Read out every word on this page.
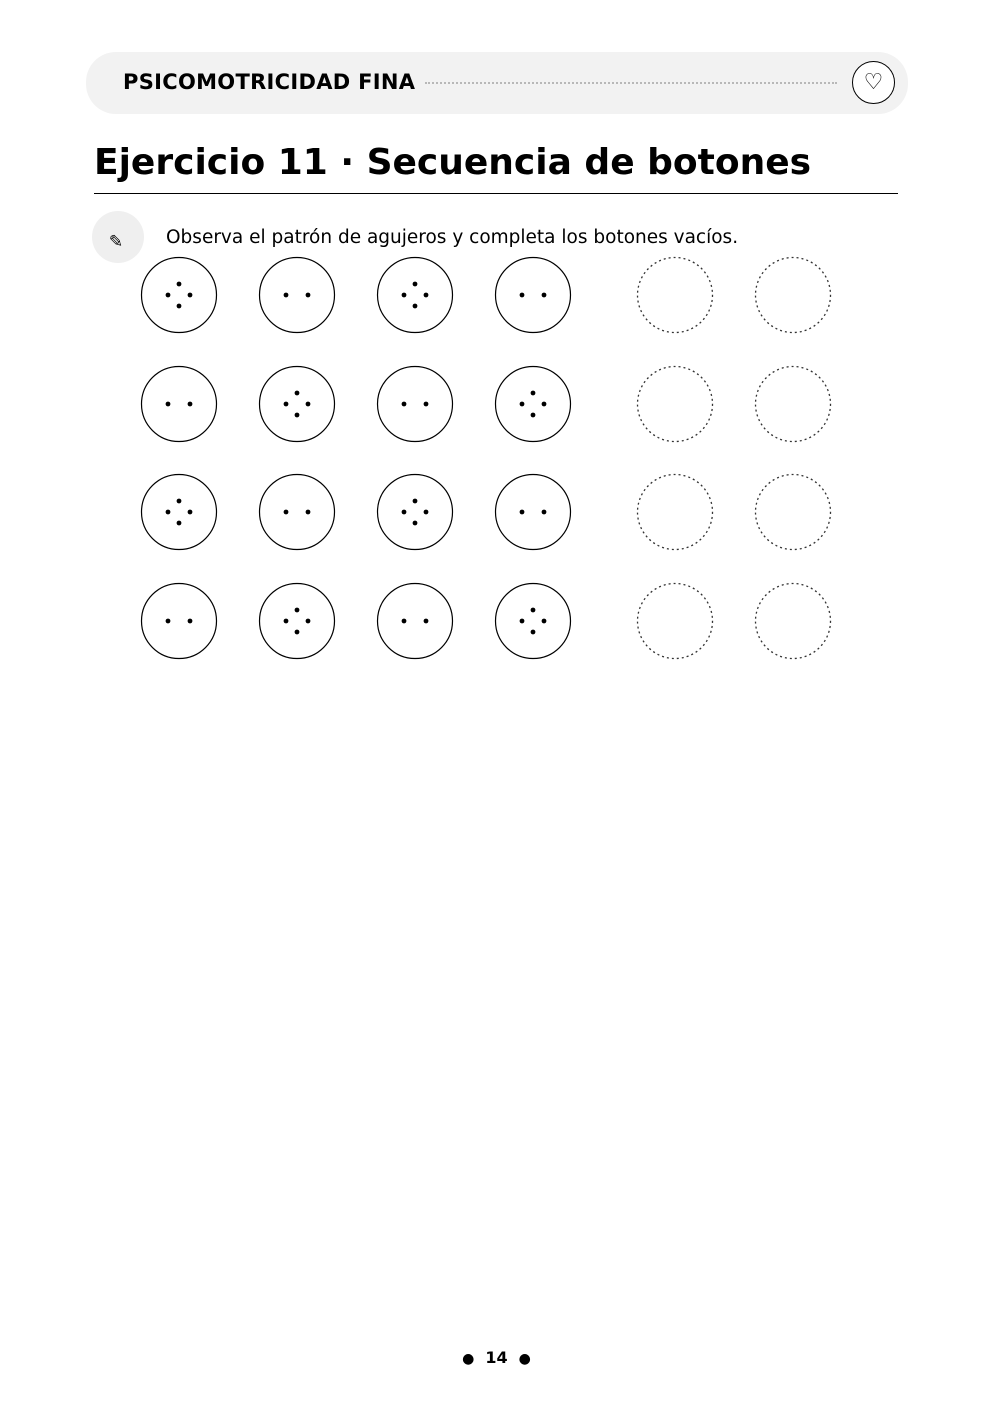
PSICOMOTRICIDAD FINA	♡
Ejercicio 11 · Secuencia de botones
✎	Observa el patrón de agujeros y completa los botones vacíos.
● 14 ●
